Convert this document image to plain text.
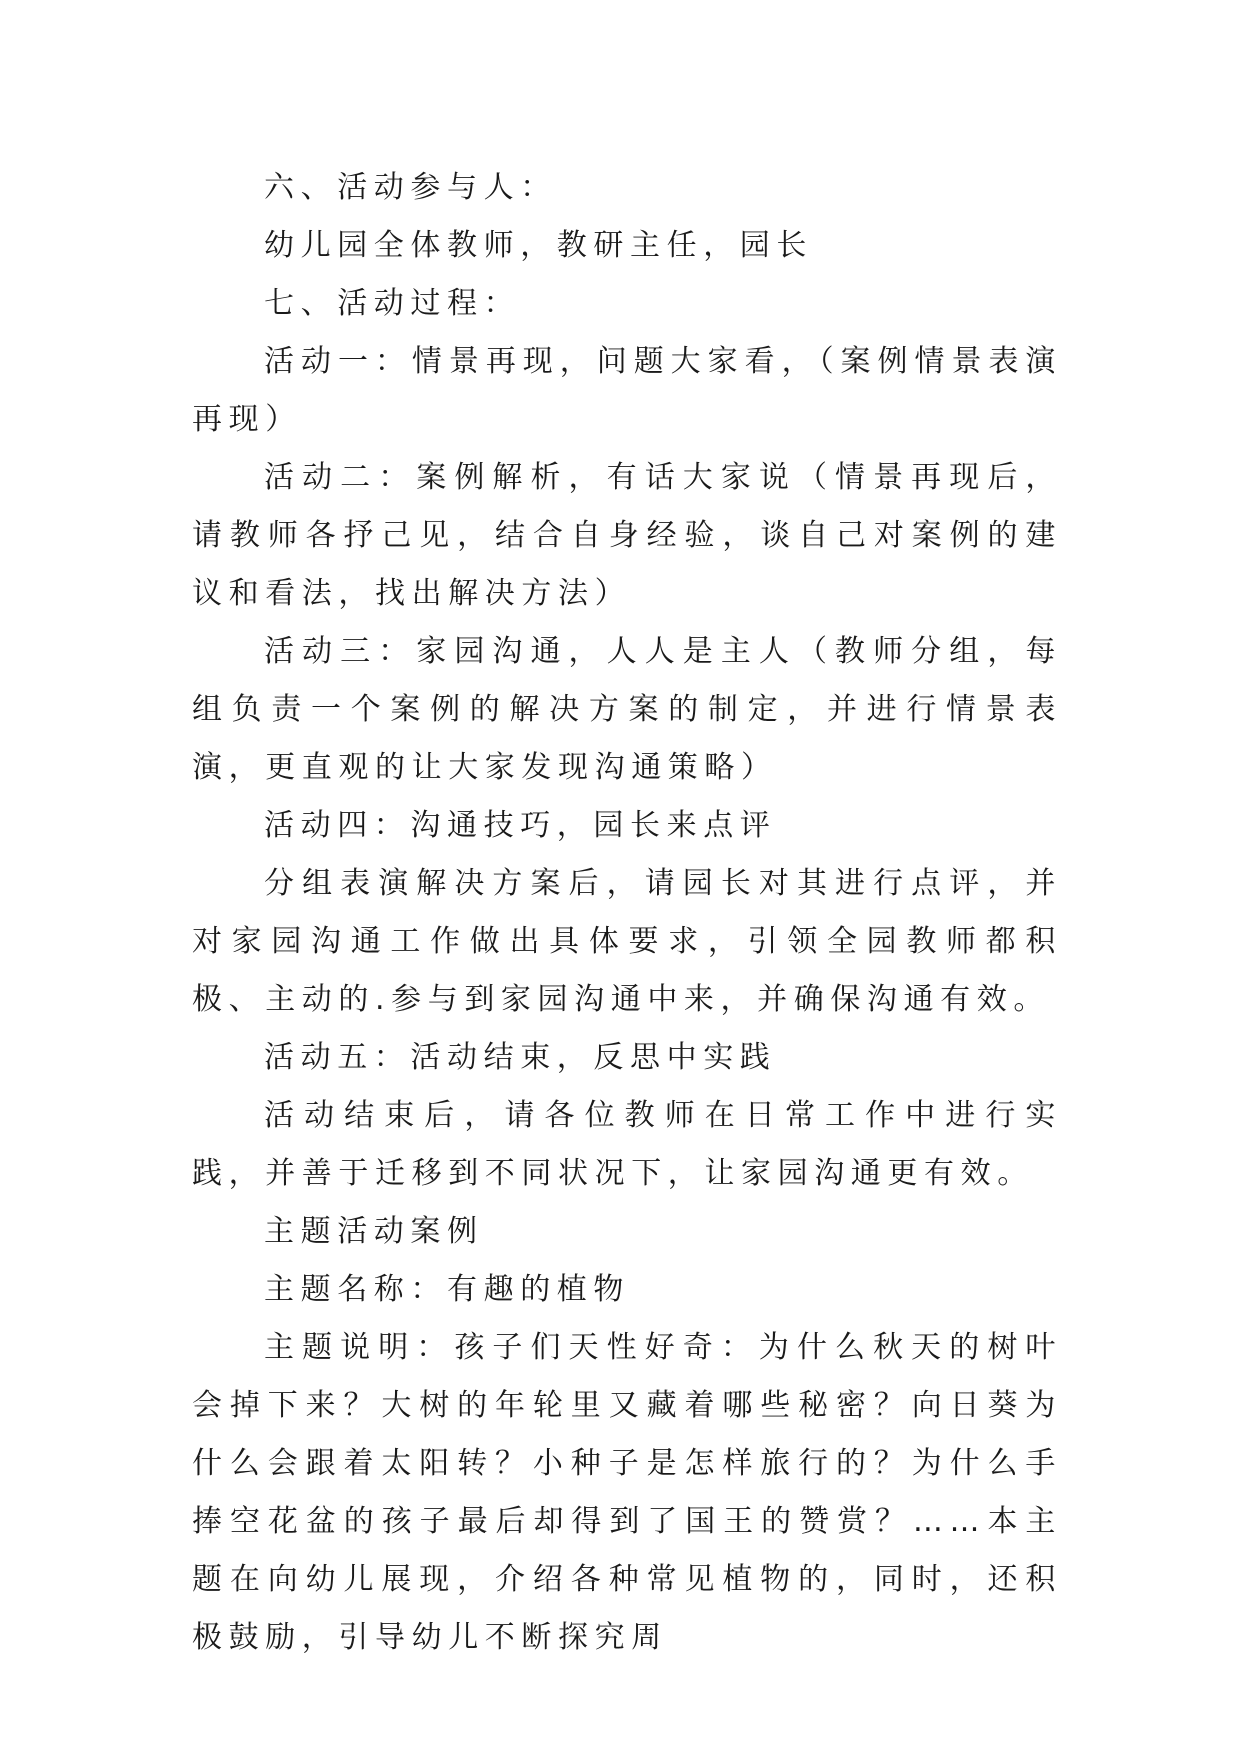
六、活动参与人：

幼儿园全体教师，教研主任，园长

七、活动过程：

活动一：情景再现，问题大家看，（案例情景表演再现）

活动二：案例解析，有话大家说（情景再现后，请教师各抒己见，结合自身经验，谈自己对案例的建议和看法，找出解决方法）

活动三：家园沟通，人人是主人（教师分组，每组负责一个案例的解决方案的制定，并进行情景表演，更直观的让大家发现沟通策略）

活动四：沟通技巧，园长来点评

分组表演解决方案后，请园长对其进行点评，并对家园沟通工作做出具体要求，引领全园教师都积极、主动的.参与到家园沟通中来，并确保沟通有效。

活动五：活动结束，反思中实践

活动结束后，请各位教师在日常工作中进行实践，并善于迁移到不同状况下，让家园沟通更有效。

主题活动案例

主题名称：有趣的植物

主题说明：孩子们天性好奇：为什么秋天的树叶会掉下来？大树的年轮里又藏着哪些秘密？向日葵为什么会跟着太阳转？小种子是怎样旅行的？为什么手捧空花盆的孩子最后却得到了国王的赞赏？……本主题在向幼儿展现，介绍各种常见植物的，同时，还积极鼓励，引导幼儿不断探究周
